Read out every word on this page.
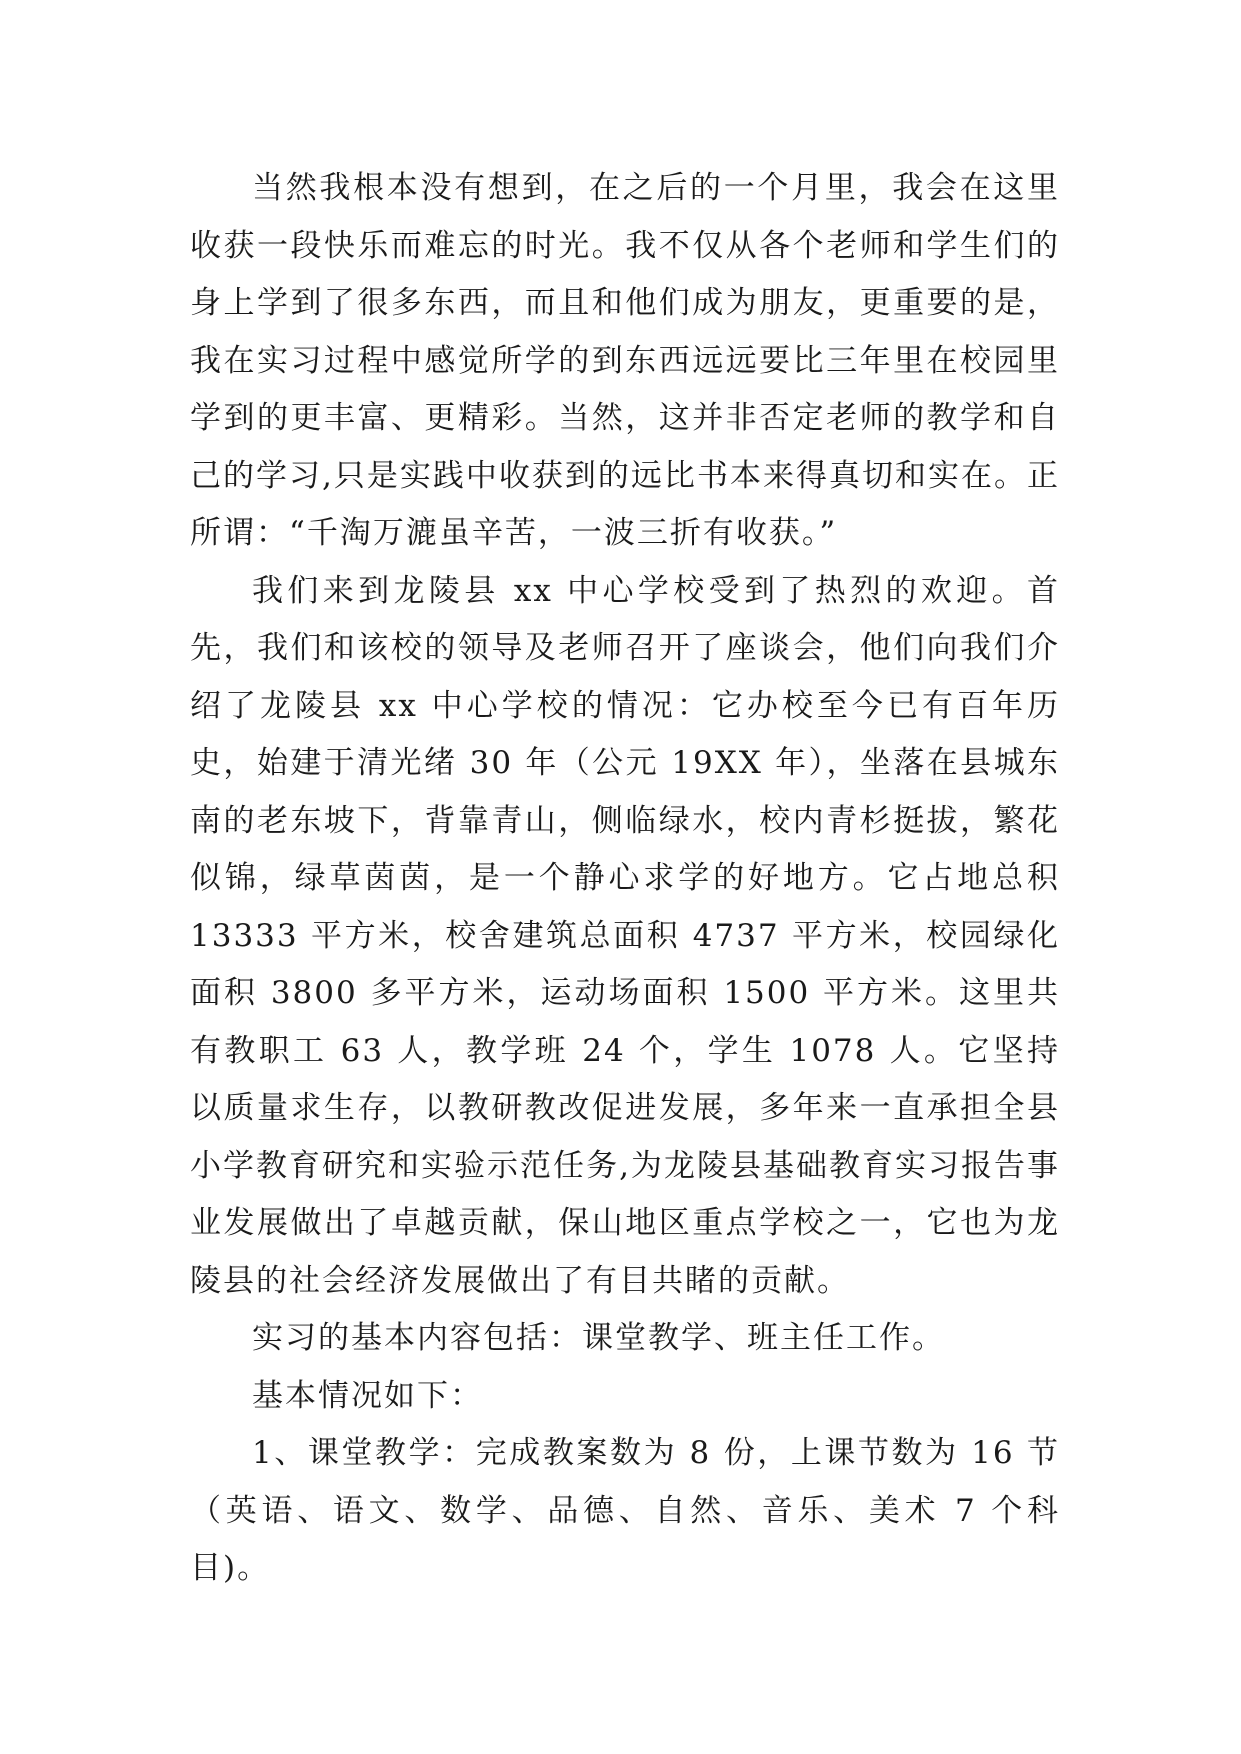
当然我根本没有想到，在之后的一个月里，我会在这里收获一段快乐而难忘的时光。我不仅从各个老师和学生们的身上学到了很多东西，而且和他们成为朋友，更重要的是，我在实习过程中感觉所学的到东西远远要比三年里在校园里学到的更丰富、更精彩。当然，这并非否定老师的教学和自己的学习,只是实践中收获到的远比书本来得真切和实在。正所谓：“千淘万漉虽辛苦，一波三折有收获。”

我们来到龙陵县 xx 中心学校受到了热烈的欢迎。首先，我们和该校的领导及老师召开了座谈会，他们向我们介绍了龙陵县 xx 中心学校的情况：它办校至今已有百年历史，始建于清光绪 30 年（公元 19XX 年），坐落在县城东南的老东坡下，背靠青山，侧临绿水，校内青杉挺拔，繁花似锦，绿草茵茵，是一个静心求学的好地方。它占地总积 13333 平方米，校舍建筑总面积 4737 平方米，校园绿化面积 3800 多平方米，运动场面积 1500 平方米。这里共有教职工 63 人，教学班 24 个，学生 1078 人。它坚持以质量求生存，以教研教改促进发展，多年来一直承担全县小学教育研究和实验示范任务,为龙陵县基础教育实习报告事业发展做出了卓越贡献，保山地区重点学校之一，它也为龙陵县的社会经济发展做出了有目共睹的贡献。

实习的基本内容包括：课堂教学、班主任工作。

基本情况如下：

1、课堂教学：完成教案数为 8 份，上课节数为 16 节（英语、语文、数学、品德、自然、音乐、美术 7 个科目)。
